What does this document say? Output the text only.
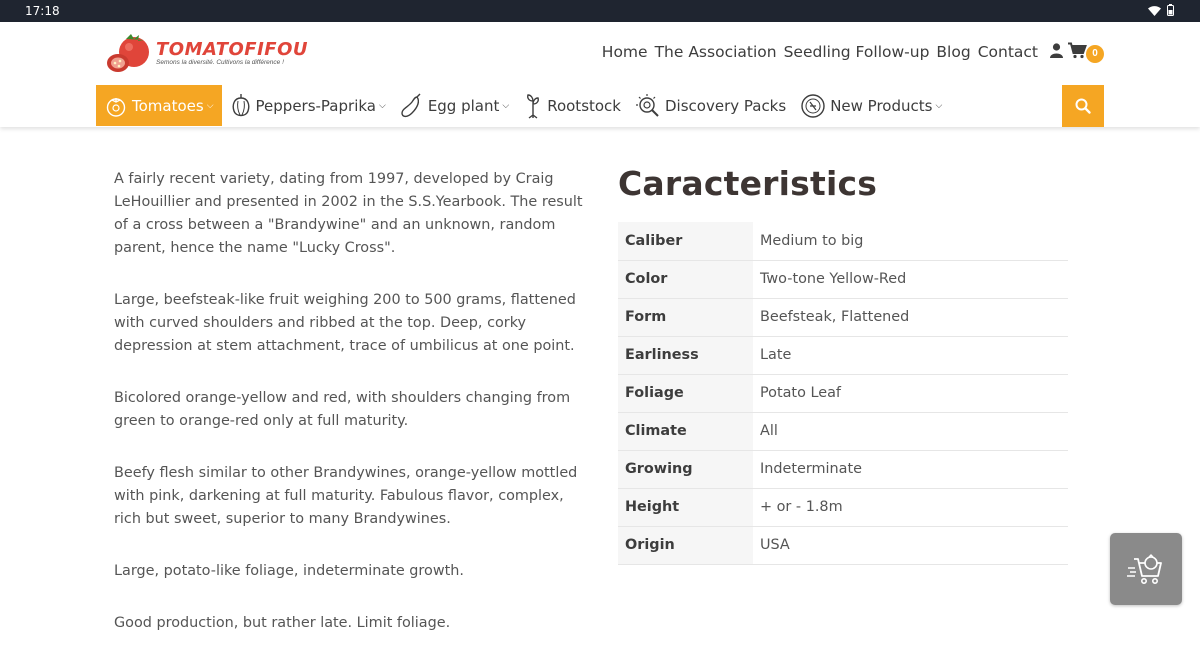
17:18
TOMATOFIFOU
Semons la diversité. Cultivons la différence !
Home The Association Seedling Follow-up Blog Contact	0
Tomatoes ⌵	Peppers-Paprika ⌵	Egg plant ⌵	Rootstock	Discovery Packs	New Products ⌵

A fairly recent variety, dating from 1997, developed by Craig LeHouillier and presented in 2002 in the S.S.Yearbook. The result of a cross between a "Brandywine" and an unknown, random parent, hence the name "Lucky Cross".

Large, beefsteak-like fruit weighing 200 to 500 grams, flattened with curved shoulders and ribbed at the top. Deep, corky depression at stem attachment, trace of umbilicus at one point.

Bicolored orange-yellow and red, with shoulders changing from green to orange-red only at full maturity.

Beefy flesh similar to other Brandywines, orange-yellow mottled with pink, darkening at full maturity. Fabulous flavor, complex, rich but sweet, superior to many Brandywines.

Large, potato-like foliage, indeterminate growth.

Good production, but rather late. Limit foliage.

Caracteristics
Caliber	Medium to big
Color	Two-tone Yellow-Red
Form	Beefsteak, Flattened
Earliness	Late
Foliage	Potato Leaf
Climate	All
Growing	Indeterminate
Height	+ or - 1.8m
Origin	USA
